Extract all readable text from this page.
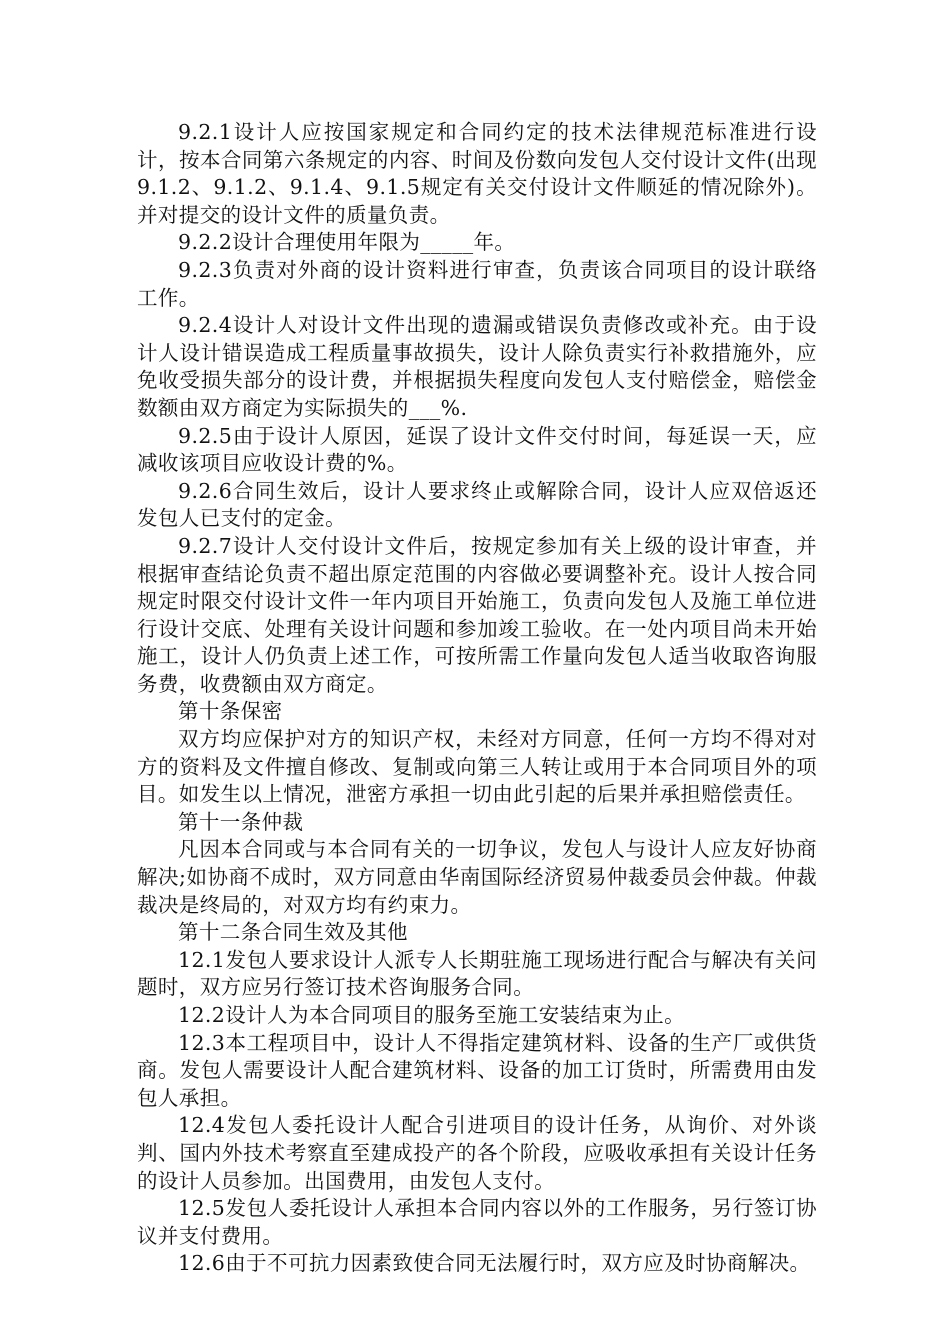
9.2.1设计人应按国家规定和合同约定的技术法律规范标准进行设计，按本合同第六条规定的内容、时间及份数向发包人交付设计文件(出现9.1.2、9.1.2、9.1.4、9.1.5规定有关交付设计文件顺延的情况除外)。并对提交的设计文件的质量负责。

9.2.2设计合理使用年限为_____年。

9.2.3负责对外商的设计资料进行审查，负责该合同项目的设计联络工作。

9.2.4设计人对设计文件出现的遗漏或错误负责修改或补充。由于设计人设计错误造成工程质量事故损失，设计人除负责实行补救措施外，应免收受损失部分的设计费，并根据损失程度向发包人支付赔偿金，赔偿金数额由双方商定为实际损失的___%.

9.2.5由于设计人原因，延误了设计文件交付时间，每延误一天，应减收该项目应收设计费的%。

9.2.6合同生效后，设计人要求终止或解除合同，设计人应双倍返还发包人已支付的定金。

9.2.7设计人交付设计文件后，按规定参加有关上级的设计审查，并根据审查结论负责不超出原定范围的内容做必要调整补充。设计人按合同规定时限交付设计文件一年内项目开始施工，负责向发包人及施工单位进行设计交底、处理有关设计问题和参加竣工验收。在一处内项目尚未开始施工，设计人仍负责上述工作，可按所需工作量向发包人适当收取咨询服务费，收费额由双方商定。

第十条保密

双方均应保护对方的知识产权，未经对方同意，任何一方均不得对对方的资料及文件擅自修改、复制或向第三人转让或用于本合同项目外的项目。如发生以上情况，泄密方承担一切由此引起的后果并承担赔偿责任。

第十一条仲裁

凡因本合同或与本合同有关的一切争议，发包人与设计人应友好协商解决;如协商不成时，双方同意由华南国际经济贸易仲裁委员会仲裁。仲裁裁决是终局的，对双方均有约束力。

第十二条合同生效及其他

12.1发包人要求设计人派专人长期驻施工现场进行配合与解决有关问题时，双方应另行签订技术咨询服务合同。

12.2设计人为本合同项目的服务至施工安装结束为止。

12.3本工程项目中，设计人不得指定建筑材料、设备的生产厂或供货商。发包人需要设计人配合建筑材料、设备的加工订货时，所需费用由发包人承担。

12.4发包人委托设计人配合引进项目的设计任务，从询价、对外谈判、国内外技术考察直至建成投产的各个阶段，应吸收承担有关设计任务的设计人员参加。出国费用，由发包人支付。

12.5发包人委托设计人承担本合同内容以外的工作服务，另行签订协议并支付费用。

12.6由于不可抗力因素致使合同无法履行时，双方应及时协商解决。
